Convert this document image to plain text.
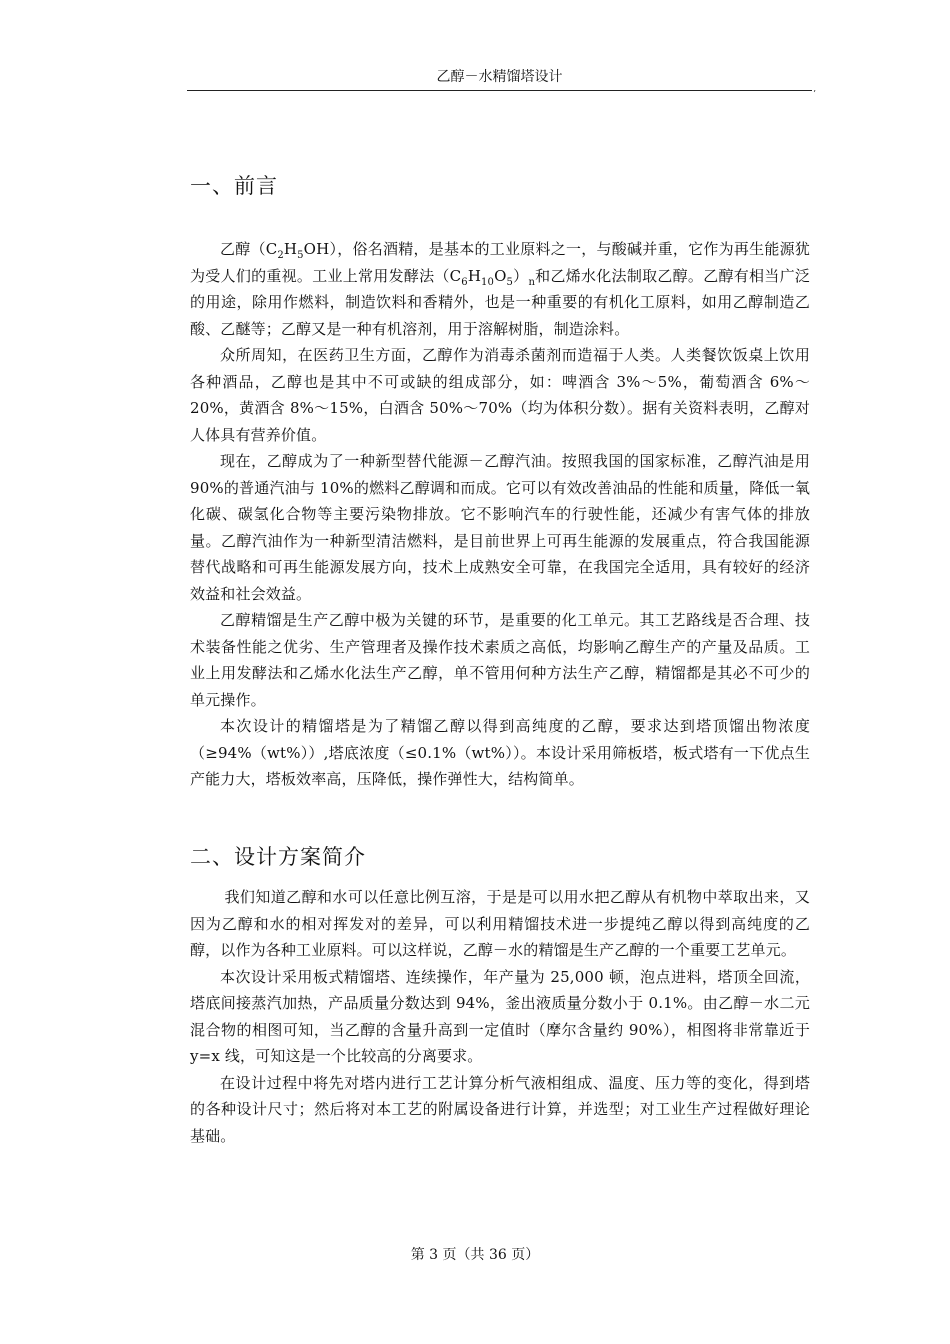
乙醇－水精馏塔设计
,
一、前言

乙醇$(C_2H_5OH)$，俗名酒精，是基本的工业原料之一，与酸碱并重，它作为再生能源犹为受人们的重视。工业上常用发酵法$(C_6H_{10}O_5)_n$和乙烯水化法制取乙醇。乙醇有相当广泛的用途，除用作燃料，制造饮料和香精外，也是一种重要的有机化工原料，如用乙醇制造乙酸、乙醚等；乙醇又是一种有机溶剂，用于溶解树脂，制造涂料。

众所周知，在医药卫生方面，乙醇作为消毒杀菌剂而造福于人类。人类餐饮饭桌上饮用各种酒品，乙醇也是其中不可或缺的组成部分，如：啤酒含 3%～5%，葡萄酒含 6%～20%，黄酒含 8%～15%，白酒含 50%～70%（均为体积分数）。据有关资料表明，乙醇对人体具有营养价值。

现在，乙醇成为了一种新型替代能源－乙醇汽油。按照我国的国家标准，乙醇汽油是用 90%的普通汽油与 10%的燃料乙醇调和而成。它可以有效改善油品的性能和质量，降低一氧化碳、碳氢化合物等主要污染物排放。它不影响汽车的行驶性能，还减少有害气体的排放量。乙醇汽油作为一种新型清洁燃料，是目前世界上可再生能源的发展重点，符合我国能源替代战略和可再生能源发展方向，技术上成熟安全可靠，在我国完全适用，具有较好的经济效益和社会效益。

乙醇精馏是生产乙醇中极为关键的环节，是重要的化工单元。其工艺路线是否合理、技术装备性能之优劣、生产管理者及操作技术素质之高低，均影响乙醇生产的产量及品质。工业上用发酵法和乙烯水化法生产乙醇，单不管用何种方法生产乙醇，精馏都是其必不可少的单元操作。

本次设计的精馏塔是为了精馏乙醇以得到高纯度的乙醇，要求达到塔顶馏出物浓度（≥94%（wt%））,塔底浓度（≤0.1%（wt%））。本设计采用筛板塔，板式塔有一下优点生产能力大，塔板效率高，压降低，操作弹性大，结构简单。

二、设计方案简介

我们知道乙醇和水可以任意比例互溶，于是是可以用水把乙醇从有机物中萃取出来，又因为乙醇和水的相对挥发对的差异，可以利用精馏技术进一步提纯乙醇以得到高纯度的乙醇，以作为各种工业原料。可以这样说，乙醇－水的精馏是生产乙醇的一个重要工艺单元。

本次设计采用板式精馏塔、连续操作，年产量为 25,000 顿，泡点进料，塔顶全回流，塔底间接蒸汽加热，产品质量分数达到 94%，釜出液质量分数小于 0.1%。由乙醇－水二元混合物的相图可知，当乙醇的含量升高到一定值时（摩尔含量约 90%），相图将非常靠近于 y=x 线，可知这是一个比较高的分离要求。

在设计过程中将先对塔内进行工艺计算分析气液相组成、温度、压力等的变化，得到塔的各种设计尺寸；然后将对本工艺的附属设备进行计算，并选型；对工业生产过程做好理论基础。

第 3 页（共 36 页）
